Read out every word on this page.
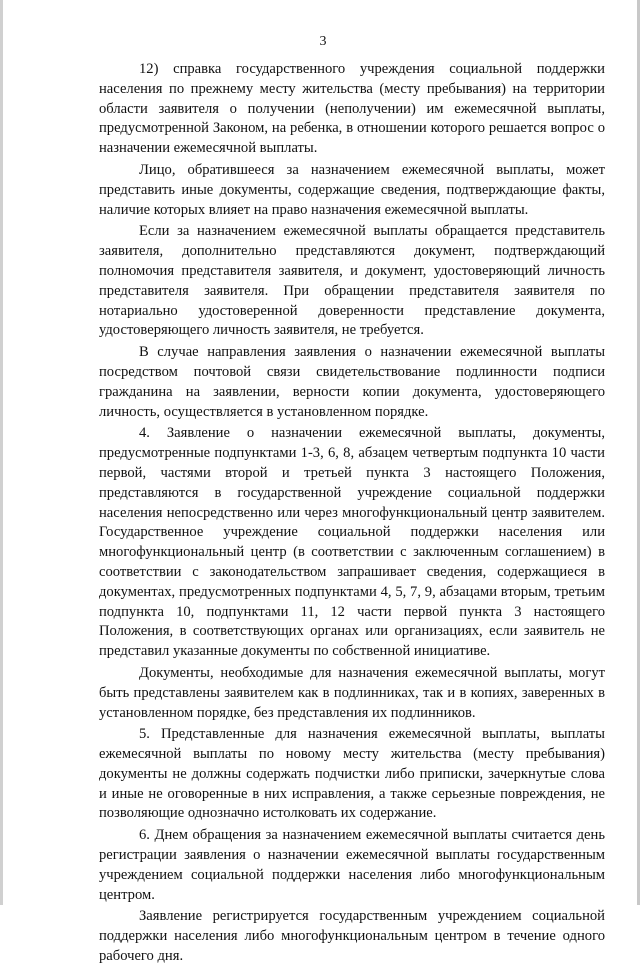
3

12) справка государственного учреждения социальной поддержки населения по прежнему месту жительства (месту пребывания) на территории области заявителя о получении (неполучении) им ежемесячной выплаты, предусмотренной Законом, на ребенка, в отношении которого решается вопрос о назначении ежемесячной выплаты.

Лицо, обратившееся за назначением ежемесячной выплаты, может представить иные документы, содержащие сведения, подтверждающие факты, наличие которых влияет на право назначения ежемесячной выплаты.

Если за назначением ежемесячной выплаты обращается представитель заявителя, дополнительно представляются документ, подтверждающий полномочия представителя заявителя, и документ, удостоверяющий личность представителя заявителя. При обращении представителя заявителя по нотариально удостоверенной доверенности представление документа, удостоверяющего личность заявителя, не требуется.

В случае направления заявления о назначении ежемесячной выплаты посредством почтовой связи свидетельствование подлинности подписи гражданина на заявлении, верности копии документа, удостоверяющего личность, осуществляется в установленном порядке.

4. Заявление о назначении ежемесячной выплаты, документы, предусмотренные подпунктами 1-3, 6, 8, абзацем четвертым подпункта 10 части первой, частями второй и третьей пункта 3 настоящего Положения, представляются в государственной учреждение социальной поддержки населения непосредственно или через многофункциональный центр заявителем. Государственное учреждение социальной поддержки населения или многофункциональный центр (в соответствии с заключенным соглашением) в соответствии с законодательством запрашивает сведения, содержащиеся в документах, предусмотренных подпунктами 4, 5, 7, 9, абзацами вторым, третьим подпункта 10, подпунктами 11, 12 части первой пункта 3 настоящего Положения, в соответствующих органах или организациях, если заявитель не представил указанные документы по собственной инициативе.

Документы, необходимые для назначения ежемесячной выплаты, могут быть представлены заявителем как в подлинниках, так и в копиях, заверенных в установленном порядке, без представления их подлинников.

5. Представленные для назначения ежемесячной выплаты, выплаты ежемесячной выплаты по новому месту жительства (месту пребывания) документы не должны содержать подчистки либо приписки, зачеркнутые слова и иные не оговоренные в них исправления, а также серьезные повреждения, не позволяющие однозначно истолковать их содержание.

6. Днем обращения за назначением ежемесячной выплаты считается день регистрации заявления о назначении ежемесячной выплаты государственным учреждением социальной поддержки населения либо многофункциональным центром.

Заявление регистрируется государственным учреждением социальной поддержки населения либо многофункциональным центром в течение одного рабочего дня.
